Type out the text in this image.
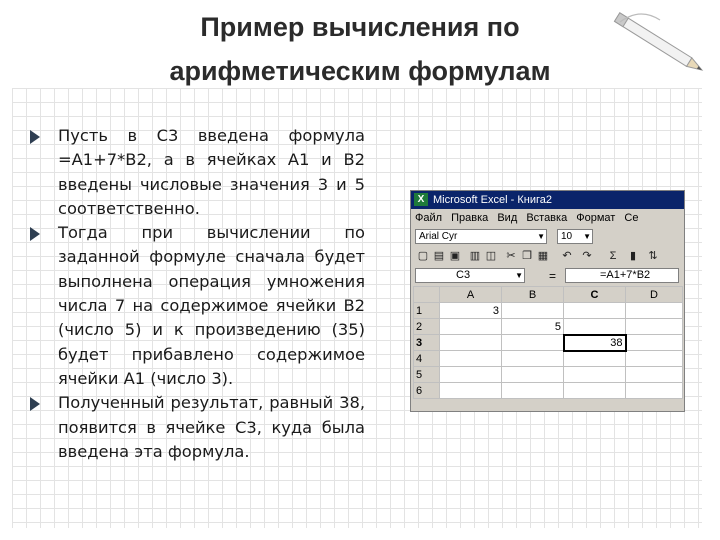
Пример вычисления по
арифметическим формулам
Пусть в C3 введена формула =A1+7*B2, а в ячейках A1 и B2 введены числовые значения 3 и 5 соответственно.
Тогда при вычислении по заданной формуле сначала будет выполнена операция умножения числа 7 на содержимое ячейки B2 (число 5) и к произведению (35) будет прибавлено содержимое ячейки A1 (число 3).
Полученный результат, равный 38, появится в ячейке C3, куда была введена эта формула.
X Microsoft Excel - Книга2
Файл Правка Вид Вставка Формат Се
Arial Cyr	▼	10 ▼
▢ ▤ ▣ ▥ ◫ ✂ ❐ ▦ ↶ ↷ Σ ▮ ⇅
C3	▼ =	=A1+7*B2
	A	B	C	D
1	3			
2		5		
3			38	
4				
5				
6				
